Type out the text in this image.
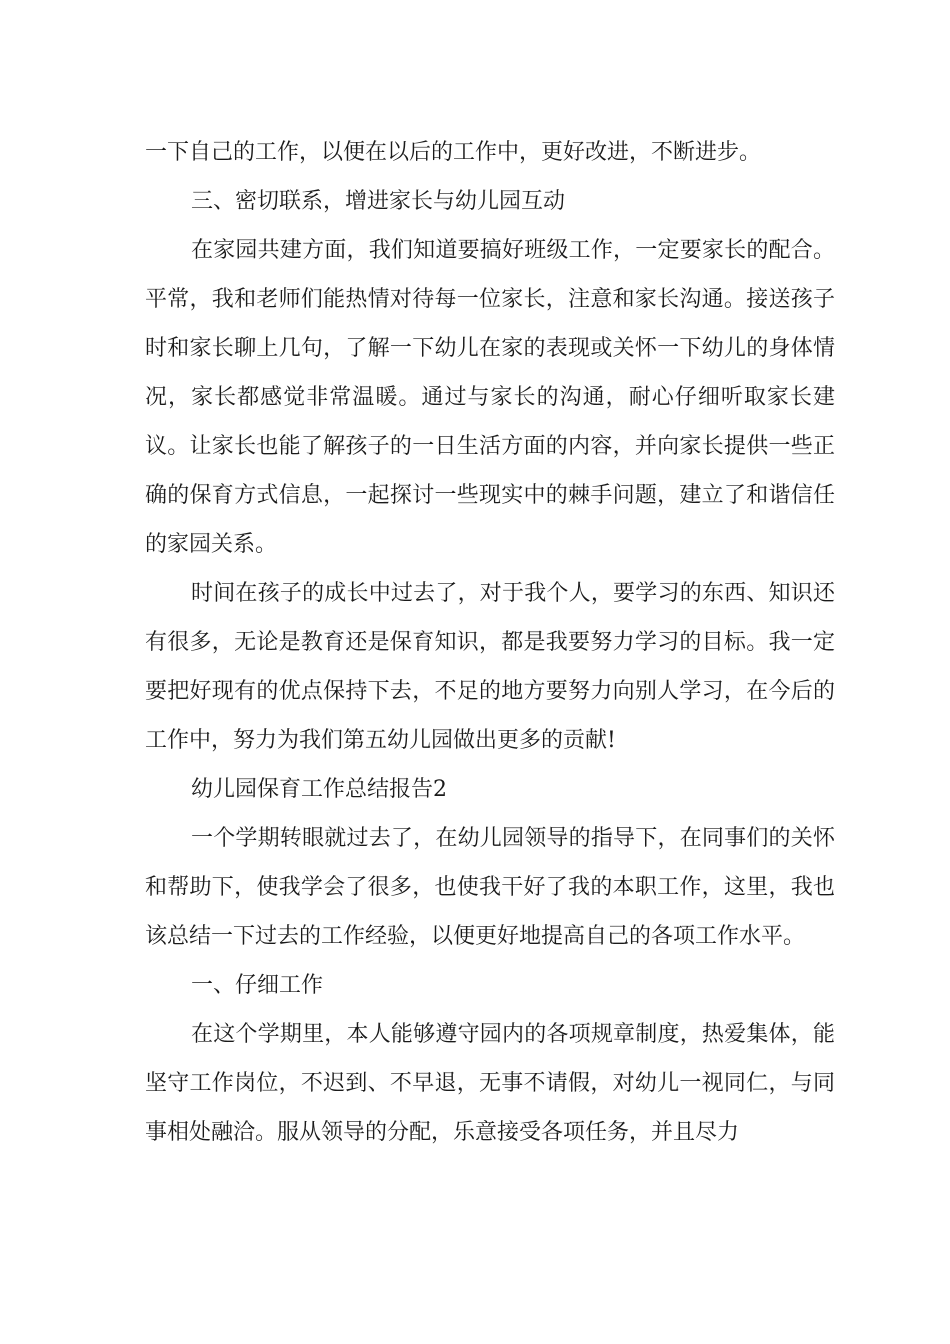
一下自己的工作，以便在以后的工作中，更好改进，不断进步。

三、密切联系，增进家长与幼儿园互动

在家园共建方面，我们知道要搞好班级工作，一定要家长的配合。平常，我和老师们能热情对待每一位家长，注意和家长沟通。接送孩子时和家长聊上几句，了解一下幼儿在家的表现或关怀一下幼儿的身体情况，家长都感觉非常温暖。通过与家长的沟通，耐心仔细听取家长建议。让家长也能了解孩子的一日生活方面的内容，并向家长提供一些正确的保育方式信息，一起探讨一些现实中的棘手问题，建立了和谐信任的家园关系。

时间在孩子的成长中过去了，对于我个人，要学习的东西、知识还有很多，无论是教育还是保育知识，都是我要努力学习的目标。我一定要把好现有的优点保持下去，不足的地方要努力向别人学习，在今后的工作中，努力为我们第五幼儿园做出更多的贡献!

幼儿园保育工作总结报告2

一个学期转眼就过去了，在幼儿园领导的指导下，在同事们的关怀和帮助下，使我学会了很多，也使我干好了我的本职工作，这里，我也该总结一下过去的工作经验，以便更好地提高自己的各项工作水平。

一、仔细工作

在这个学期里，本人能够遵守园内的各项规章制度，热爱集体，能坚守工作岗位，不迟到、不早退，无事不请假，对幼儿一视同仁，与同事相处融洽。服从领导的分配，乐意接受各项任务，并且尽力
